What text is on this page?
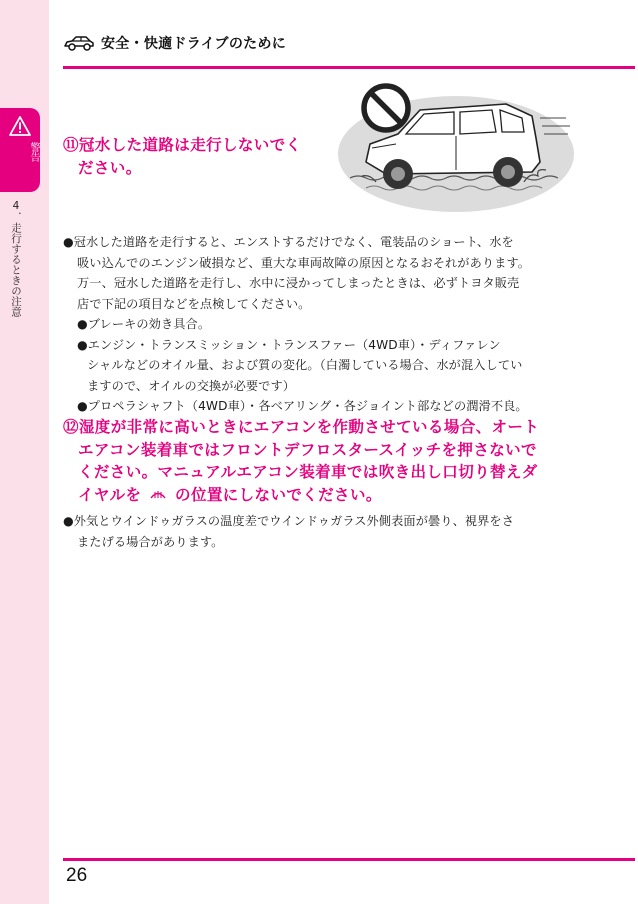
警告
4．走行するときの注意
安全・快適ドライブのために
⑪冠水した道路は走行しないでく
ださい。
●冠水した道路を走行すると、エンストするだけでなく、電装品のショート、水を
吸い込んでのエンジン破損など、重大な車両故障の原因となるおそれがあります。
万一、冠水した道路を走行し、水中に浸かってしまったときは、必ずトヨタ販売
店で下記の項目などを点検してください。
●ブレーキの効き具合。
●エンジン・トランスミッション・トランスファー（4WD車）・ディファレン
シャルなどのオイル量、および質の変化。（白濁している場合、水が混入してい
ますので、オイルの交換が必要です）
●プロペラシャフト（4WD車）・各ベアリング・各ジョイント部などの潤滑不良。
⑫湿度が非常に高いときにエアコンを作動させている場合、オート
エアコン装着車ではフロントデフロスタースイッチを押さないで
ください。マニュアルエアコン装着車では吹き出し口切り替えダ
イヤルを の位置にしないでください。
●外気とウインドゥガラスの温度差でウインドゥガラス外側表面が曇り、視界をさ
またげる場合があります。
26
